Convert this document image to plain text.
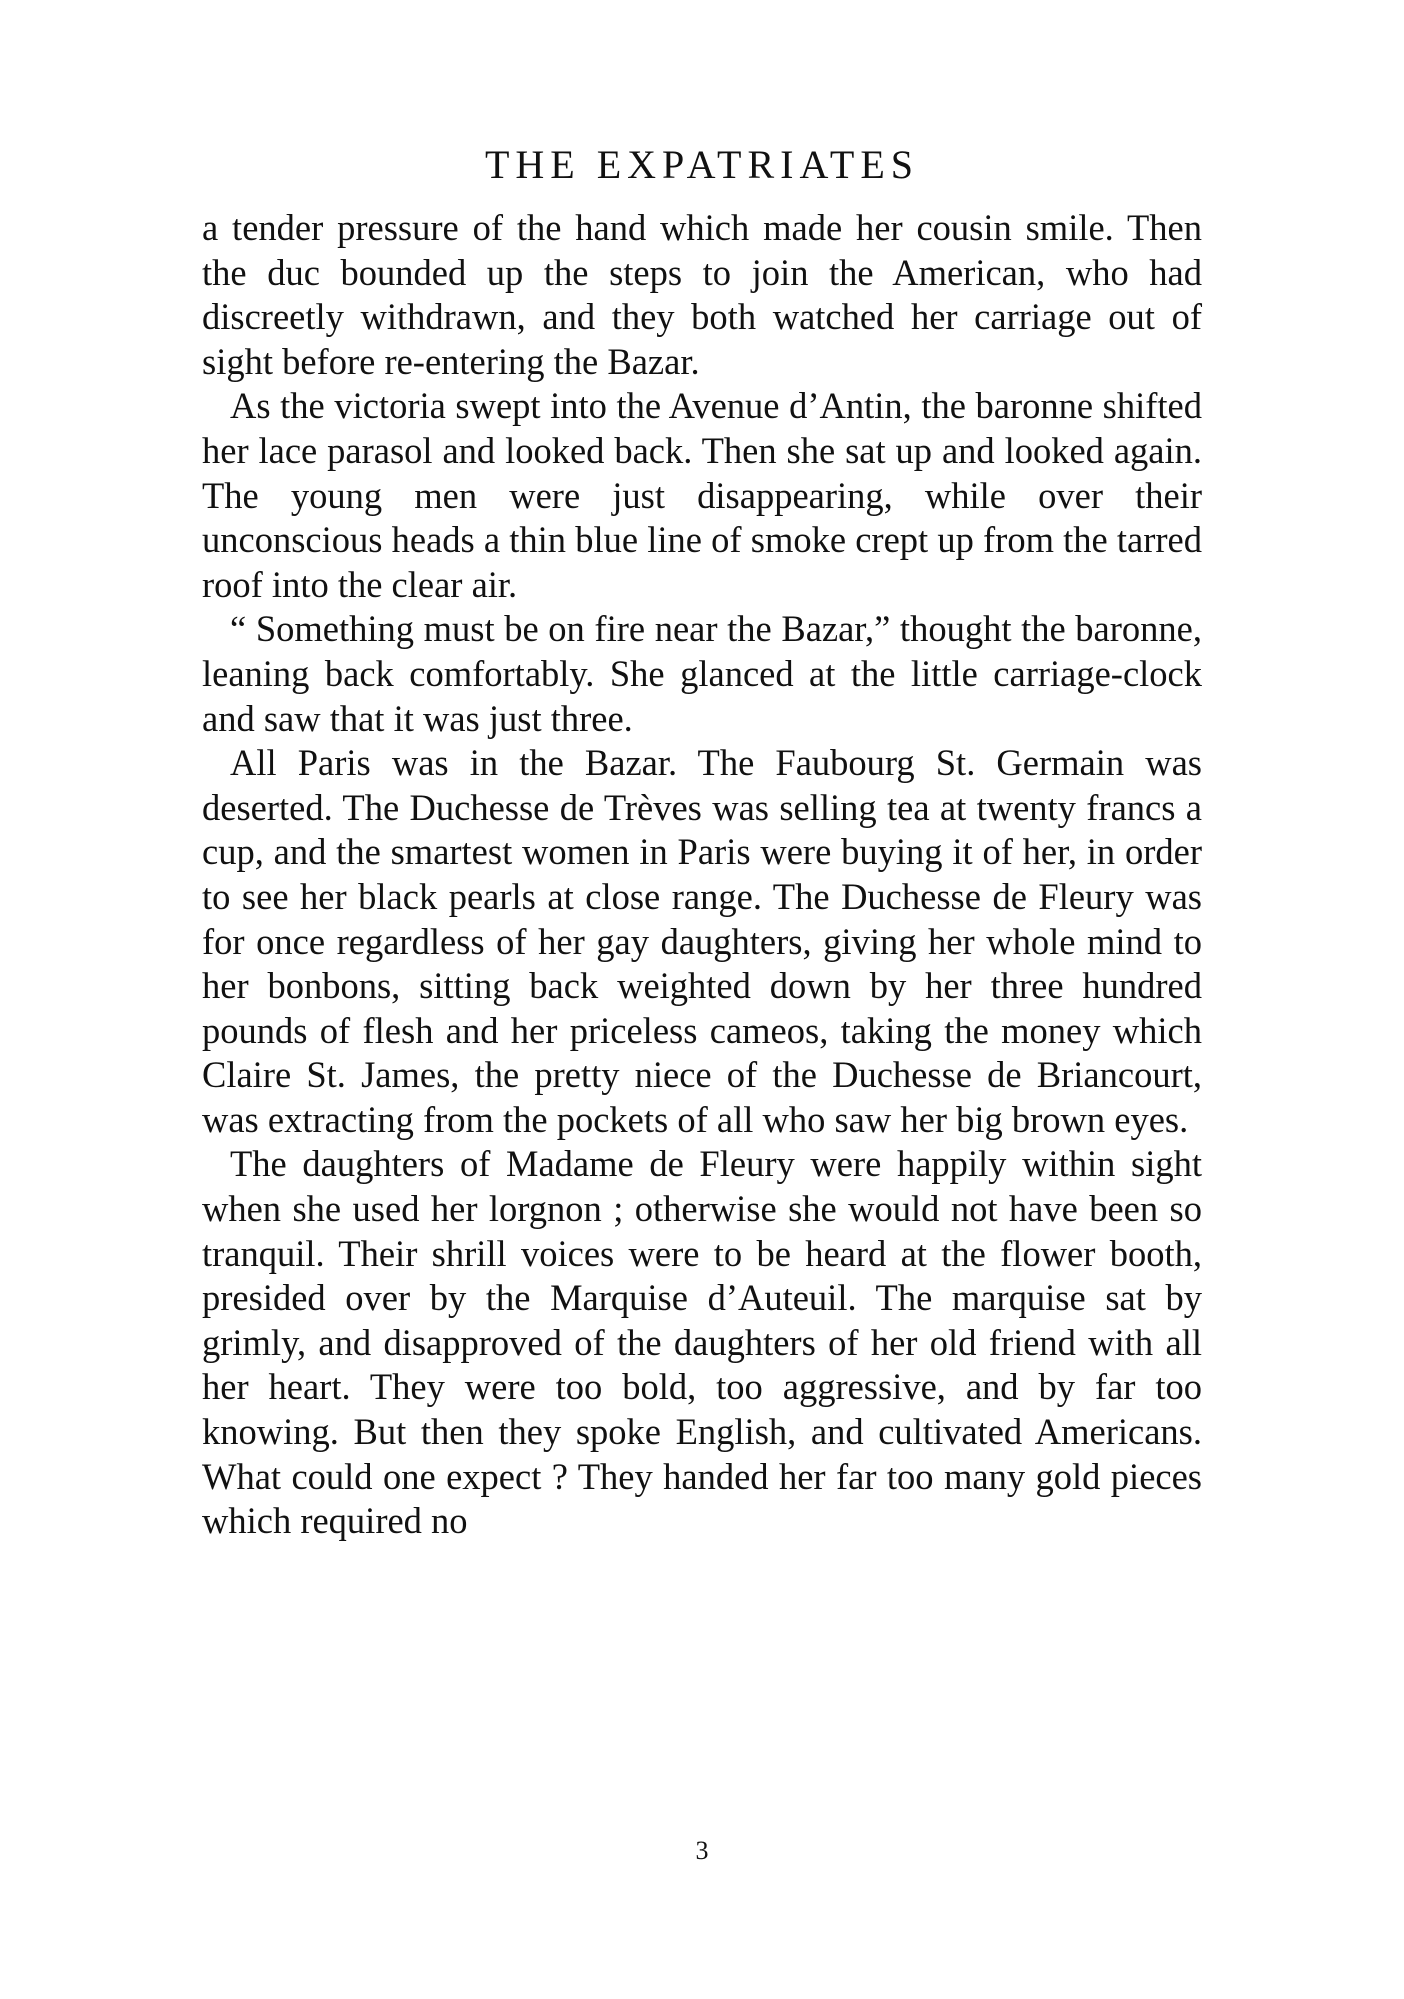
THE EXPATRIATES

a tender pressure of the hand which made her cousin smile. Then the duc bounded up the steps to join the American, who had discreetly withdrawn, and they both watched her carriage out of sight before re-entering the Bazar.

As the victoria swept into the Avenue d’Antin, the baronne shifted her lace parasol and looked back. Then she sat up and looked again. The young men were just disappearing, while over their unconscious heads a thin blue line of smoke crept up from the tarred roof into the clear air.

“ Something must be on fire near the Bazar,” thought the baronne, leaning back comfortably. She glanced at the little carriage-clock and saw that it was just three.

All Paris was in the Bazar. The Faubourg St. Germain was deserted. The Duchesse de Trèves was selling tea at twenty francs a cup, and the smartest women in Paris were buying it of her, in order to see her black pearls at close range. The Duchesse de Fleury was for once regardless of her gay daughters, giving her whole mind to her bonbons, sitting back weighted down by her three hundred pounds of flesh and her priceless cameos, taking the money which Claire St. James, the pretty niece of the Duchesse de Briancourt, was extracting from the pockets of all who saw her big brown eyes.

The daughters of Madame de Fleury were happily within sight when she used her lorgnon ; otherwise she would not have been so tranquil. Their shrill voices were to be heard at the flower booth, presided over by the Marquise d’Auteuil. The marquise sat by grimly, and disapproved of the daughters of her old friend with all her heart. They were too bold, too aggressive, and by far too knowing. But then they spoke English, and cultivated Americans. What could one expect ? They handed her far too many gold pieces which required no

3
